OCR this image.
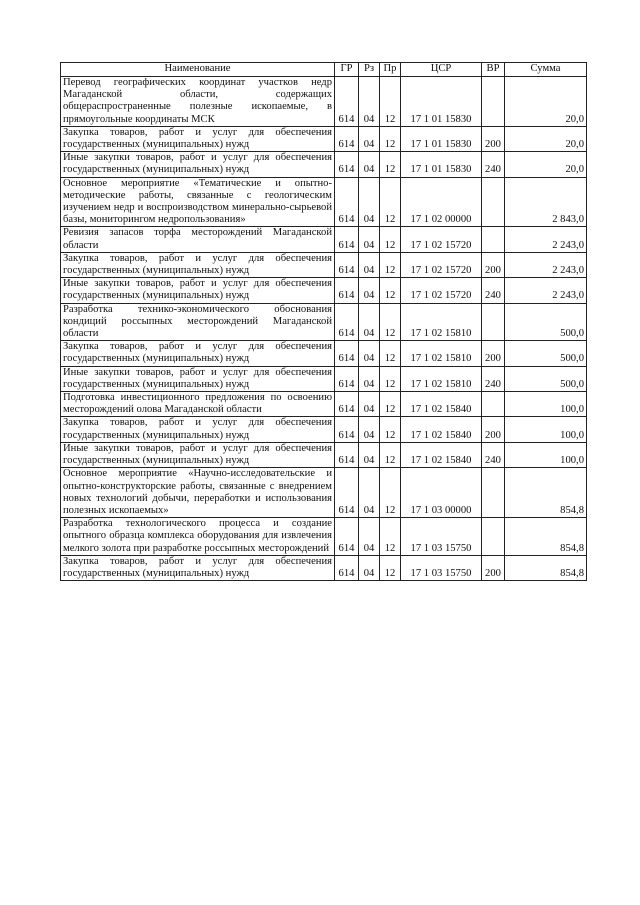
Наименование	ГР	Рз	Пр	ЦСР	ВР	Сумма
Перевод географических координат участков недр Магаданской области, содержащих общераспространенные полезные ископаемые, в прямоугольные координаты МСК	614	04	12	17 1 01 15830		20,0
Закупка товаров, работ и услуг для обеспечения государственных (муниципальных) нужд	614	04	12	17 1 01 15830	200	20,0
Иные закупки товаров, работ и услуг для обеспечения государственных (муниципальных) нужд	614	04	12	17 1 01 15830	240	20,0
Основное мероприятие «Тематические и опытно-методические работы, связанные с геологическим изучением недр и воспроизводством минерально-сырьевой базы, мониторингом недропользования»	614	04	12	17 1 02 00000		2 843,0
Ревизия запасов торфа месторождений Магаданской области	614	04	12	17 1 02 15720		2 243,0
Закупка товаров, работ и услуг для обеспечения государственных (муниципальных) нужд	614	04	12	17 1 02 15720	200	2 243,0
Иные закупки товаров, работ и услуг для обеспечения государственных (муниципальных) нужд	614	04	12	17 1 02 15720	240	2 243,0
Разработка технико-экономического обоснования кондиций россыпных месторождений Магаданской области	614	04	12	17 1 02 15810		500,0
Закупка товаров, работ и услуг для обеспечения государственных (муниципальных) нужд	614	04	12	17 1 02 15810	200	500,0
Иные закупки товаров, работ и услуг для обеспечения государственных (муниципальных) нужд	614	04	12	17 1 02 15810	240	500,0
Подготовка инвестиционного предложения по освоению месторождений олова Магаданской области	614	04	12	17 1 02 15840		100,0
Закупка товаров, работ и услуг для обеспечения государственных (муниципальных) нужд	614	04	12	17 1 02 15840	200	100,0
Иные закупки товаров, работ и услуг для обеспечения государственных (муниципальных) нужд	614	04	12	17 1 02 15840	240	100,0
Основное мероприятие «Научно-исследовательские и опытно-конструкторские работы, связанные с внедрением новых технологий добычи, переработки и использования полезных ископаемых»	614	04	12	17 1 03 00000		854,8
Разработка технологического процесса и создание опытного образца комплекса оборудования для извлечения мелкого золота при разработке россыпных месторождений	614	04	12	17 1 03 15750		854,8
Закупка товаров, работ и услуг для обеспечения государственных (муниципальных) нужд	614	04	12	17 1 03 15750	200	854,8
